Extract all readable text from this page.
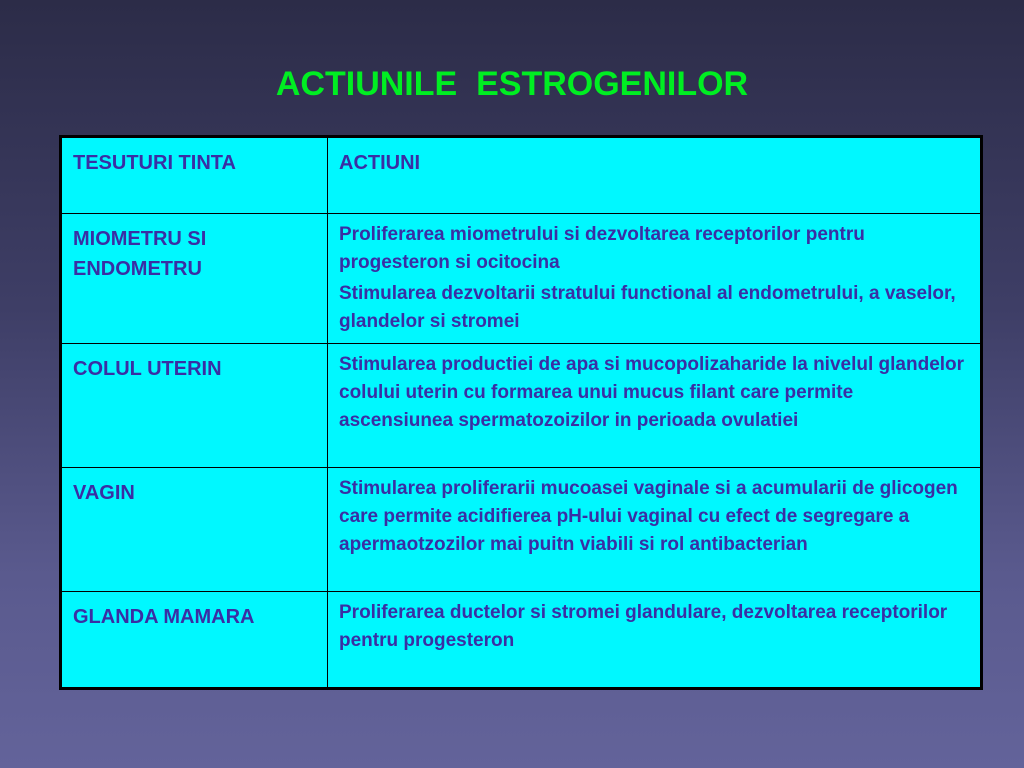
ACTIUNILE  ESTROGENILOR
TESUTURI TINTA	ACTIUNI

MIOMETRU SI ENDOMETRU	Proliferarea miometrului si dezvoltarea receptorilor pentru progesteron si ocitocina

Stimularea dezvoltarii stratului functional al endometrului, a vaselor, glandelor si stromei

COLUL UTERIN	Stimularea productiei de apa si mucopolizaharide la nivelul glandelor colului uterin cu formarea unui mucus filant care permite ascensiunea spermatozoizilor in perioada ovulatiei

VAGIN	Stimularea proliferarii mucoasei vaginale si a acumularii de glicogen care permite acidifierea pH-ului vaginal cu efect de segregare a apermaotzozilor mai puitn viabili si rol antibacterian

GLANDA MAMARA	Proliferarea ductelor si stromei glandulare, dezvoltarea receptorilor pentru progesteron
